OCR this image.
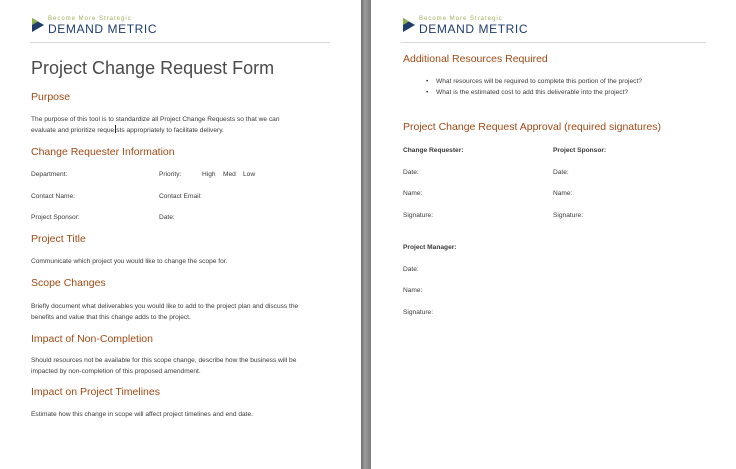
Become More Strategic
DEMAND METRIC
Project Change Request Form
Purpose
The purpose of this tool is to standardize all Project Change Requests so that we can
evaluate and prioritize reque sts appropriately to facilitate delivery.
Change Requester Information
Department:	Priority:	High Med Low
Contact Name:	Contact Email:
Project Sponsor:	Date:
Project Title
Communicate which project you would like to change the scope for.
Scope Changes
Briefly document what deliverables you would like to add to the project plan and discuss the
benefits and value that this change adds to the project.
Impact of Non-Completion
Should resources not be available for this scope change, describe how the business will be
impacted by non-completion of this proposed amendment.
Impact on Project Timelines
Estimate how this change in scope will affect project timelines and end date.
Become More Strategic
DEMAND METRIC
Additional Resources Required
• What resources will be required to complete this portion of the project?
• What is the estimated cost to add this deliverable into the project?
Project Change Request Approval (required signatures)
Change Requester:	Project Sponsor:
Date:	Date:
Name:	Name:
Signature:	Signature:
Project Manager:
Date:
Name:
Signature:
